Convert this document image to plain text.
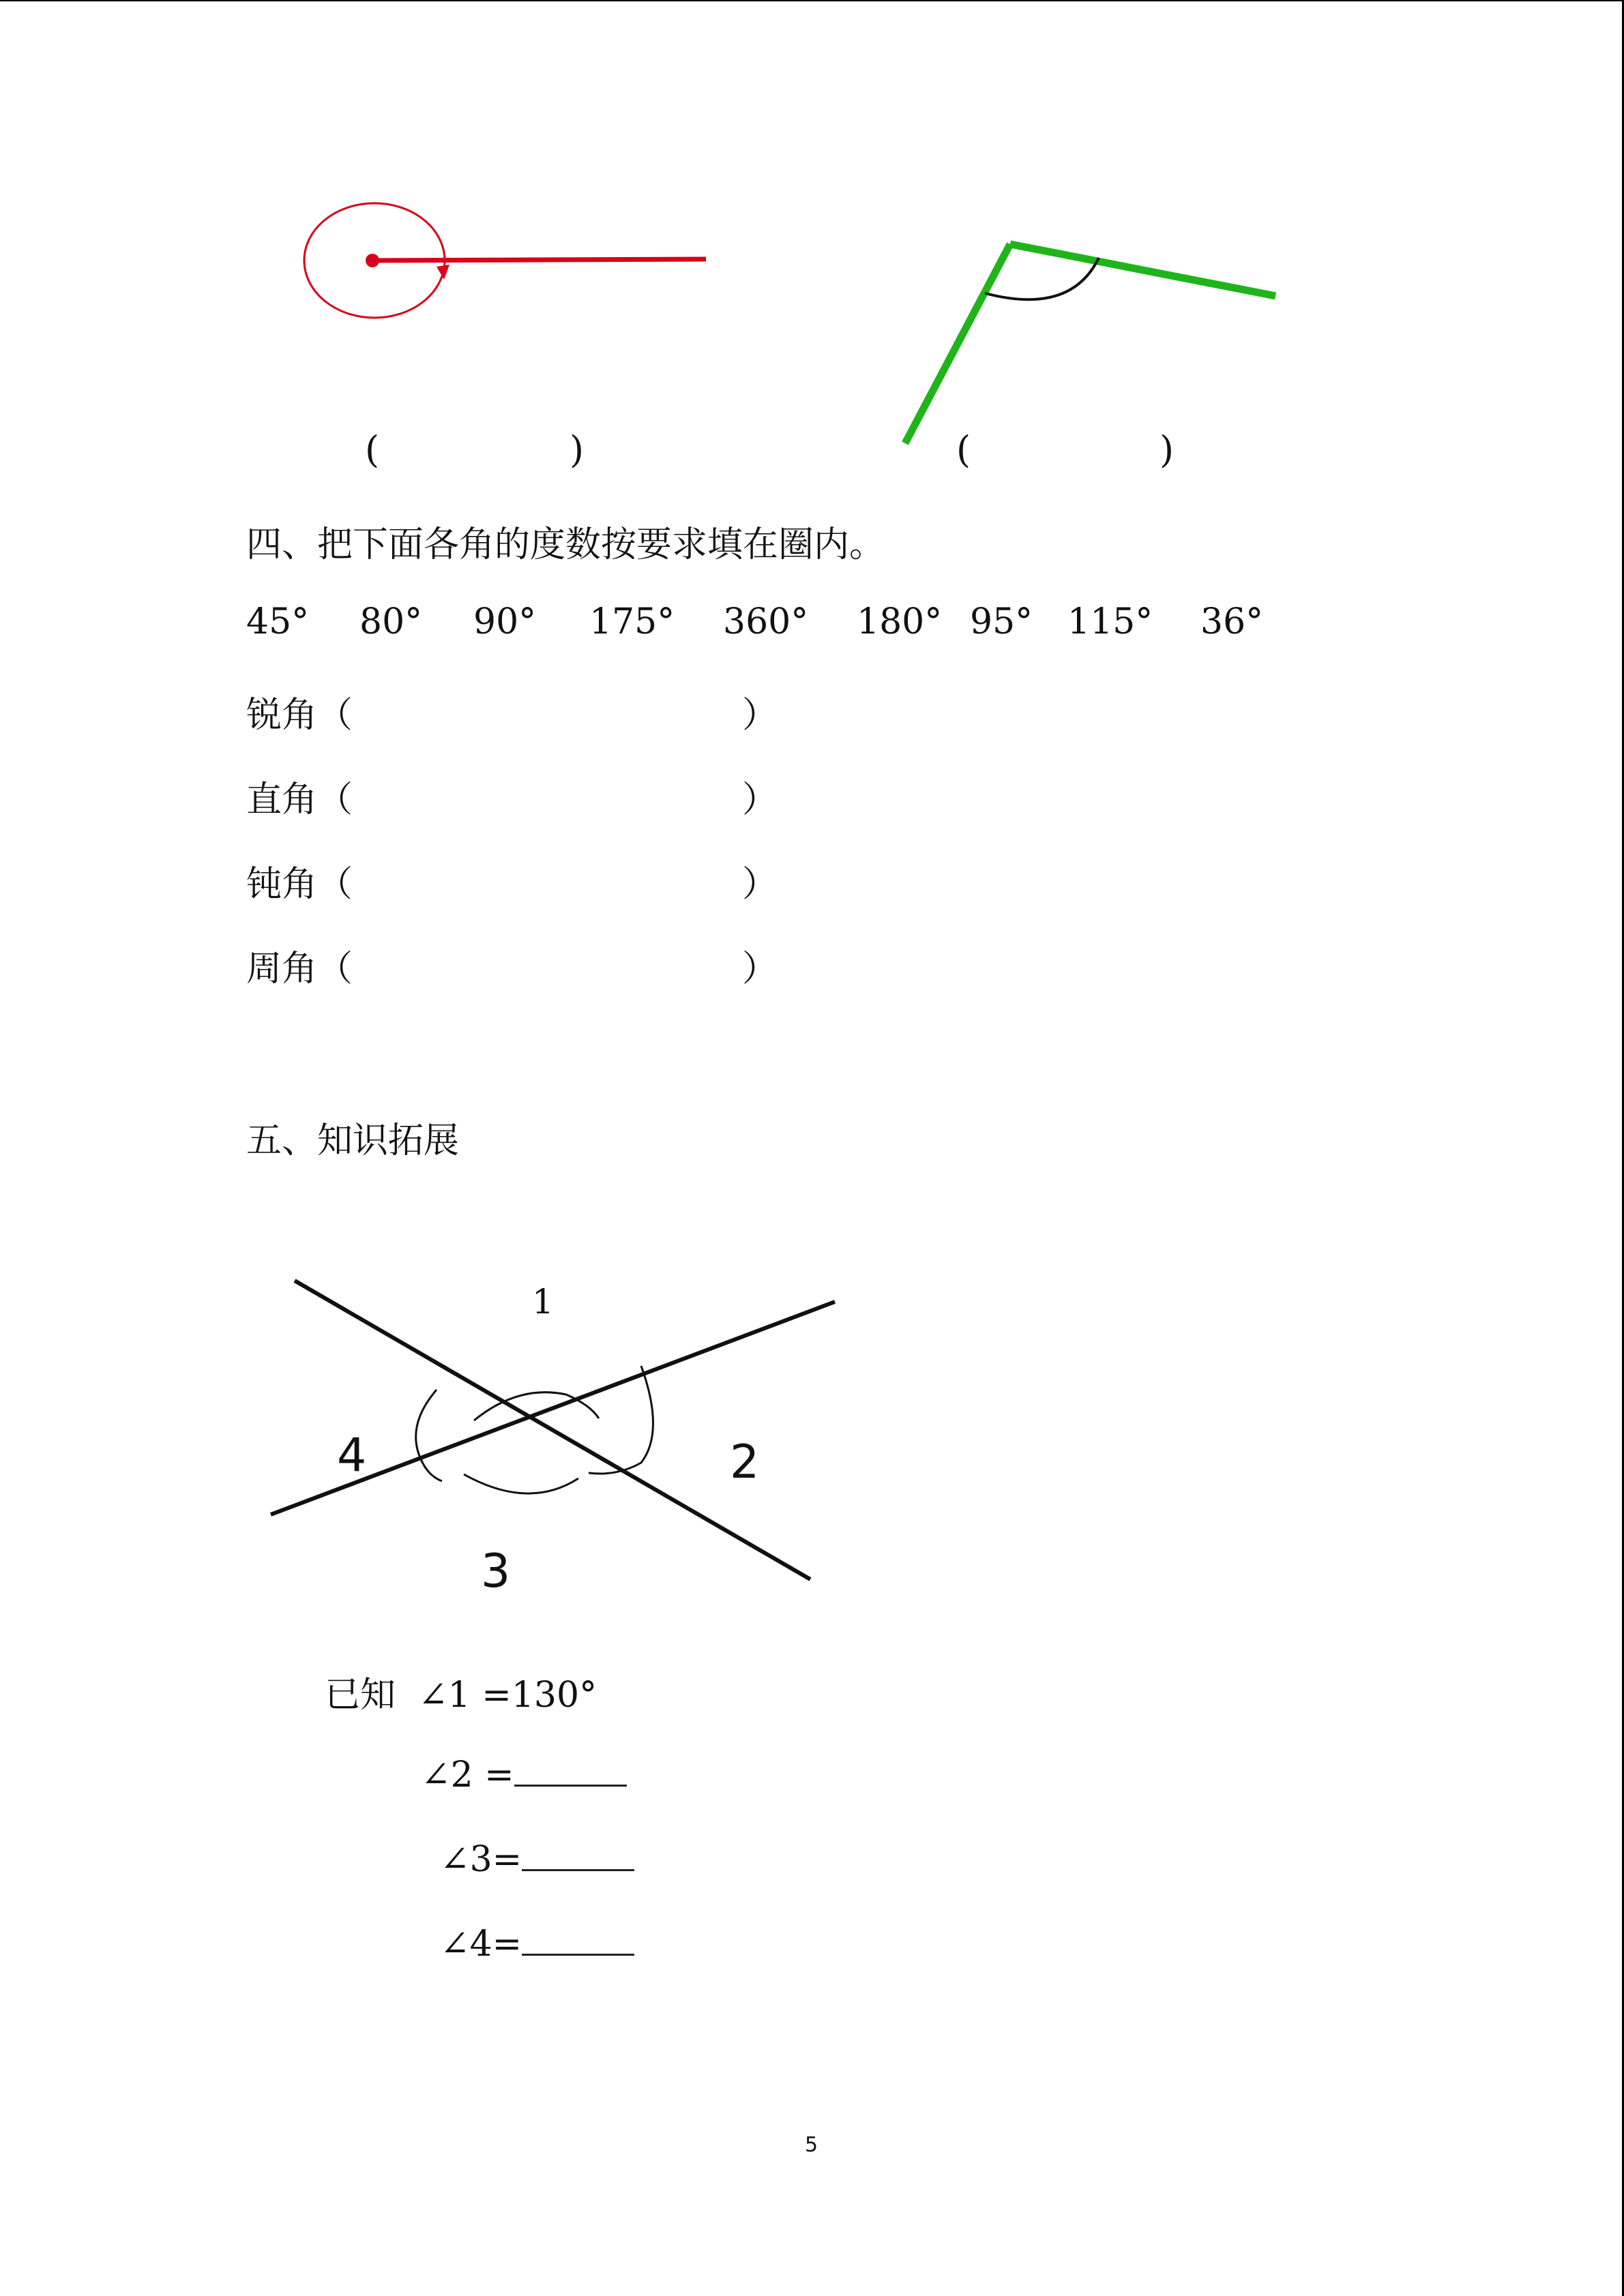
(	)	(	)
四、把下面各角的度数按要求填在圈内。
45° 80° 90° 175° 360° 180° 95° 115° 36°
锐角（	）
直角（	）
钝角（	）
周角（	）
五、知识拓展
1
2
3
4
已知 ∠1 =130°
∠2 =
∠3=
∠4=
5
